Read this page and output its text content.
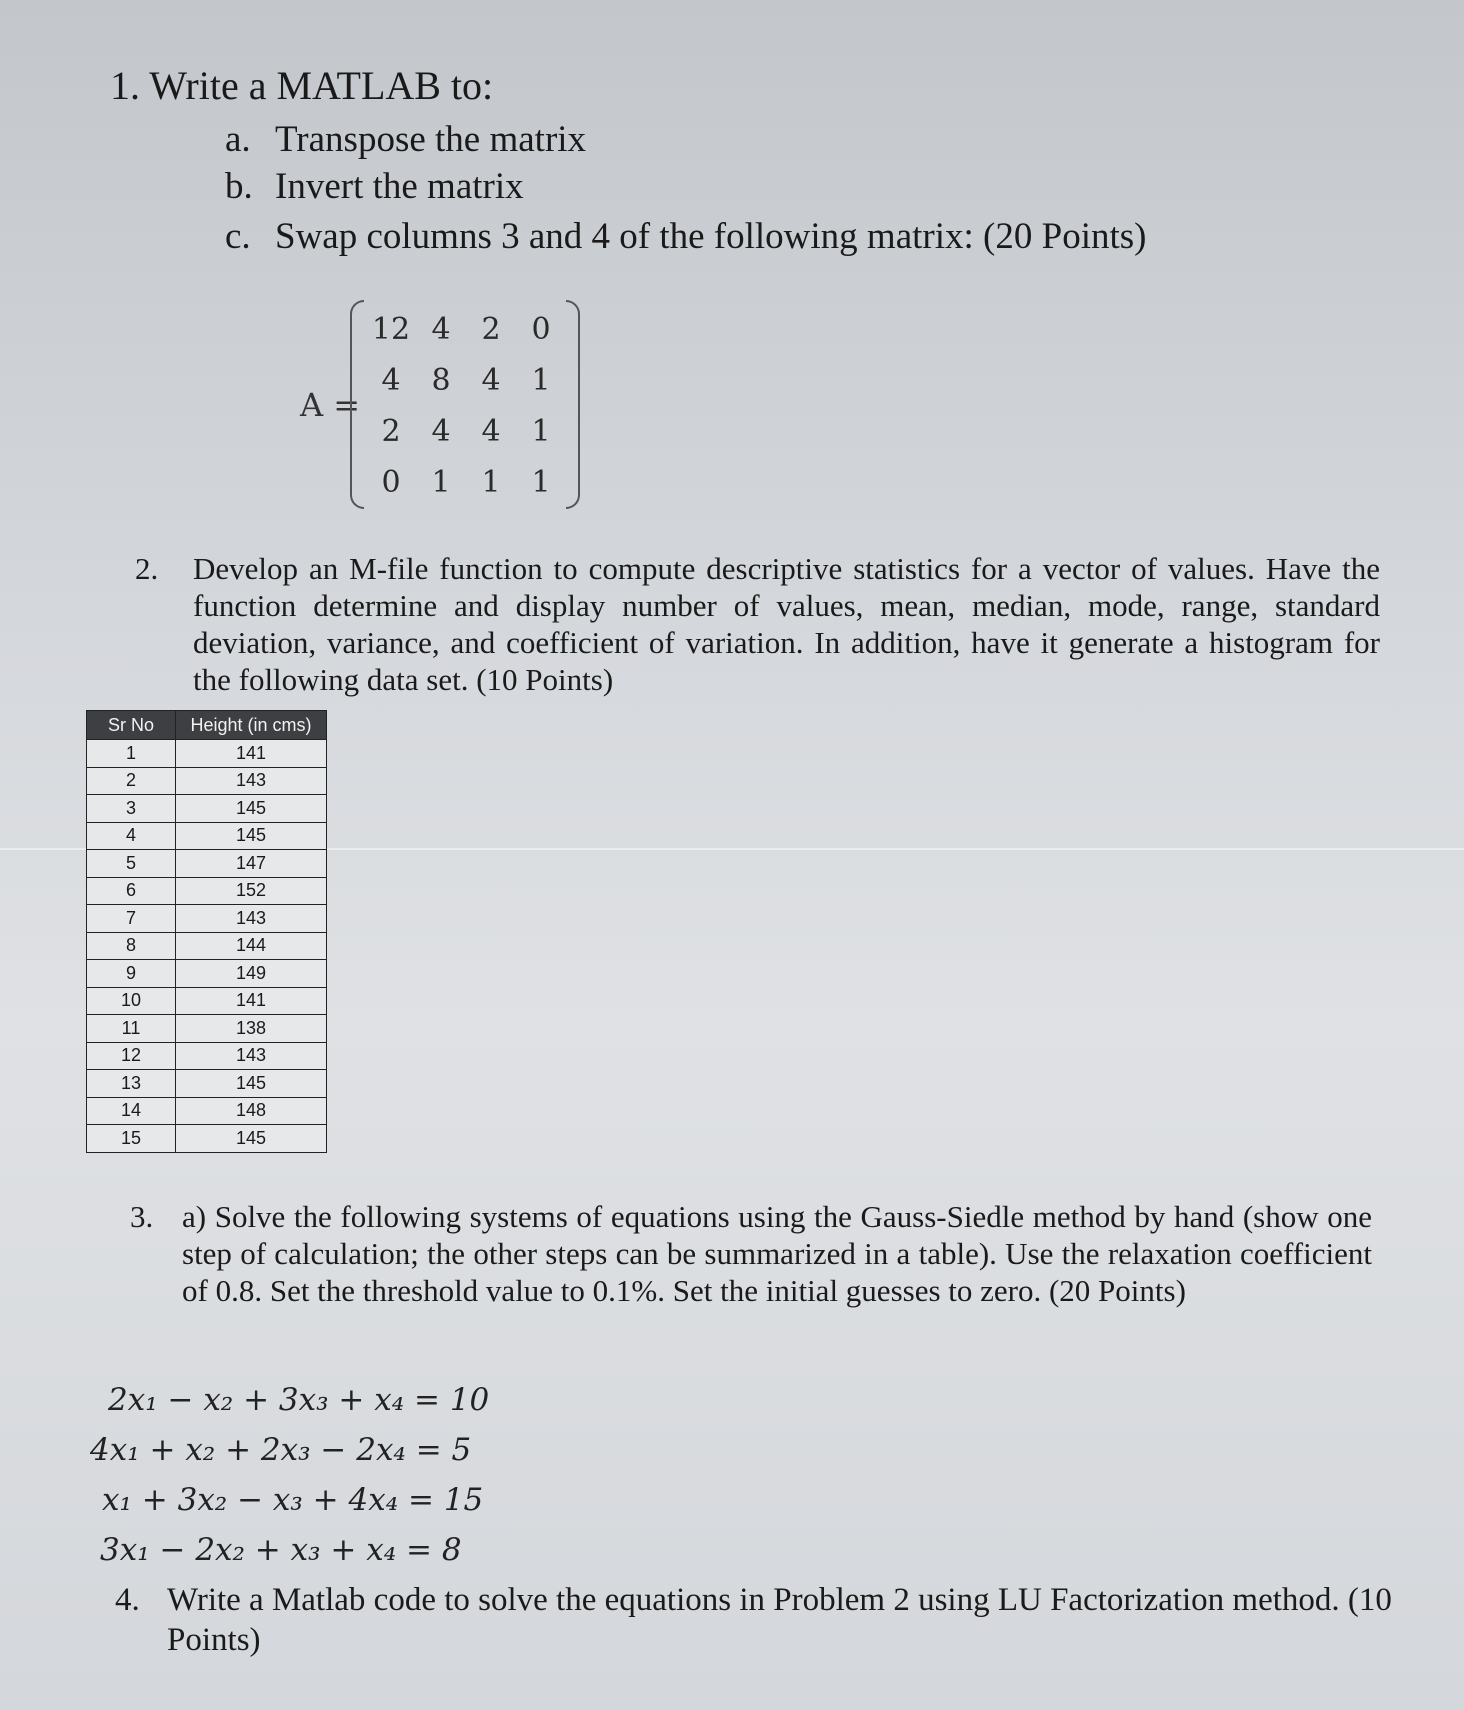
1. Write a MATLAB to:
a. Transpose the matrix
b. Invert the matrix
c. Swap columns 3 and 4 of the following matrix: (20 Points)
A =
12	4	2	0
4	8	4	1
2	4	4	1
0	1	1	1
2. Develop an M-file function to compute descriptive statistics for a vector of values. Have the function determine and display number of values, mean, median, mode, range, standard deviation, variance, and coefficient of variation. In addition, have it generate a histogram for the following data set. (10 Points)
Sr No	Height (in cms)
1	141
2	143
3	145
4	145
5	147
6	152
7	143
8	144
9	149
10	141
11	138
12	143
13	145
14	148
15	145
3. a) Solve the following systems of equations using the Gauss-Siedle method by hand (show one step of calculation; the other steps can be summarized in a table). Use the relaxation coefficient of 0.8. Set the threshold value to 0.1%. Set the initial guesses to zero. (20 Points)
2x₁ − x₂ + 3x₃ + x₄ = 10
4x₁ + x₂ + 2x₃ − 2x₄ = 5
x₁ + 3x₂ − x₃ + 4x₄ = 15
3x₁ − 2x₂ + x₃ + x₄ = 8
4. Write a Matlab code to solve the equations in Problem 2 using LU Factorization method. (10 Points)
